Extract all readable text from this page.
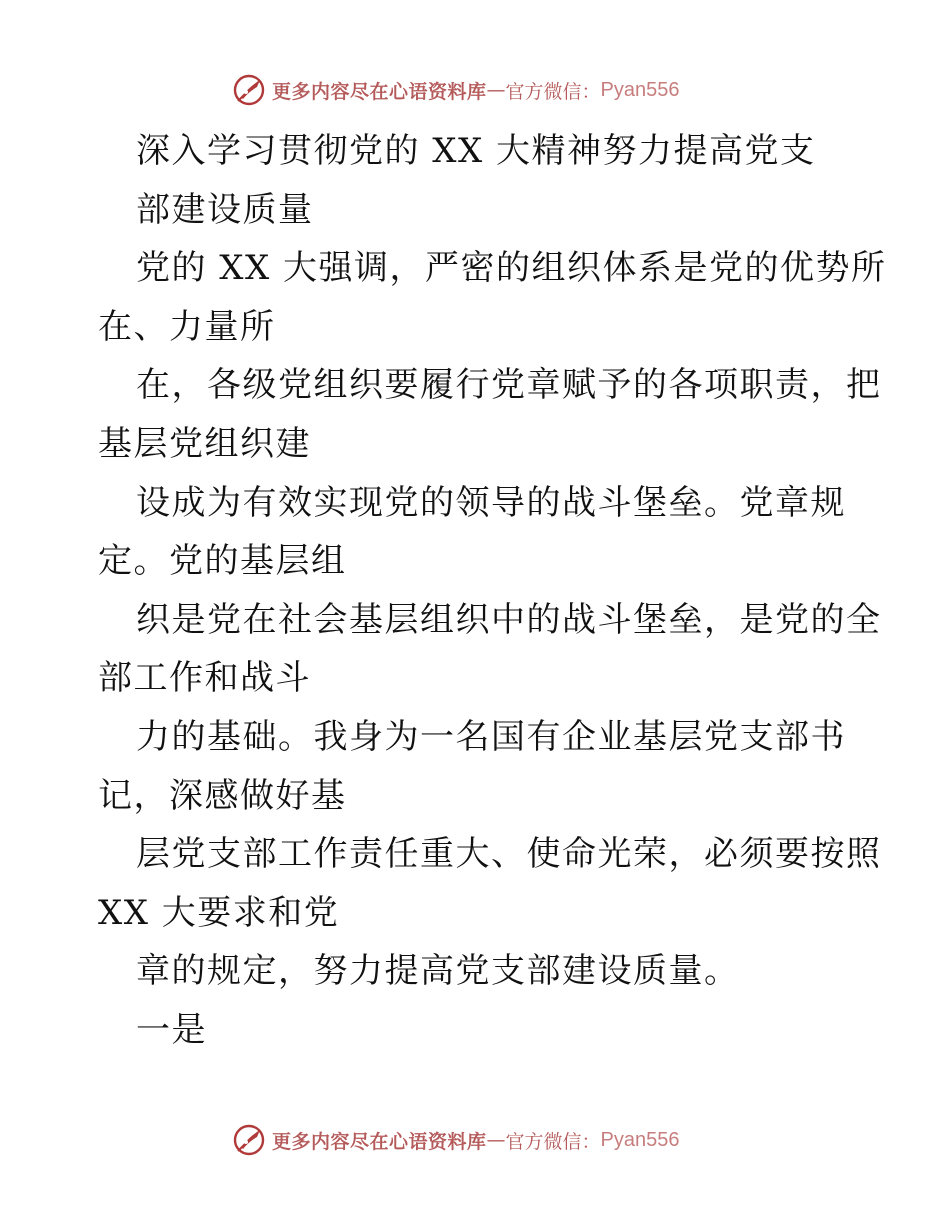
更多内容尽在心语资料库 — 官方微信： Pyan556
深入学习贯彻党的 XX 大精神努力提高党支
部建设质量
党的 XX 大强调，严密的组织体系是党的优势所
在、力量所
在，各级党组织要履行党章赋予的各项职责，把
基层党组织建
设成为有效实现党的领导的战斗堡垒。党章规
定。党的基层组
织是党在社会基层组织中的战斗堡垒，是党的全
部工作和战斗
力的基础。我身为一名国有企业基层党支部书
记，深感做好基
层党支部工作责任重大、使命光荣，必须要按照
XX 大要求和党
章的规定，努力提高党支部建设质量。
一是
更多内容尽在心语资料库 — 官方微信： Pyan556
